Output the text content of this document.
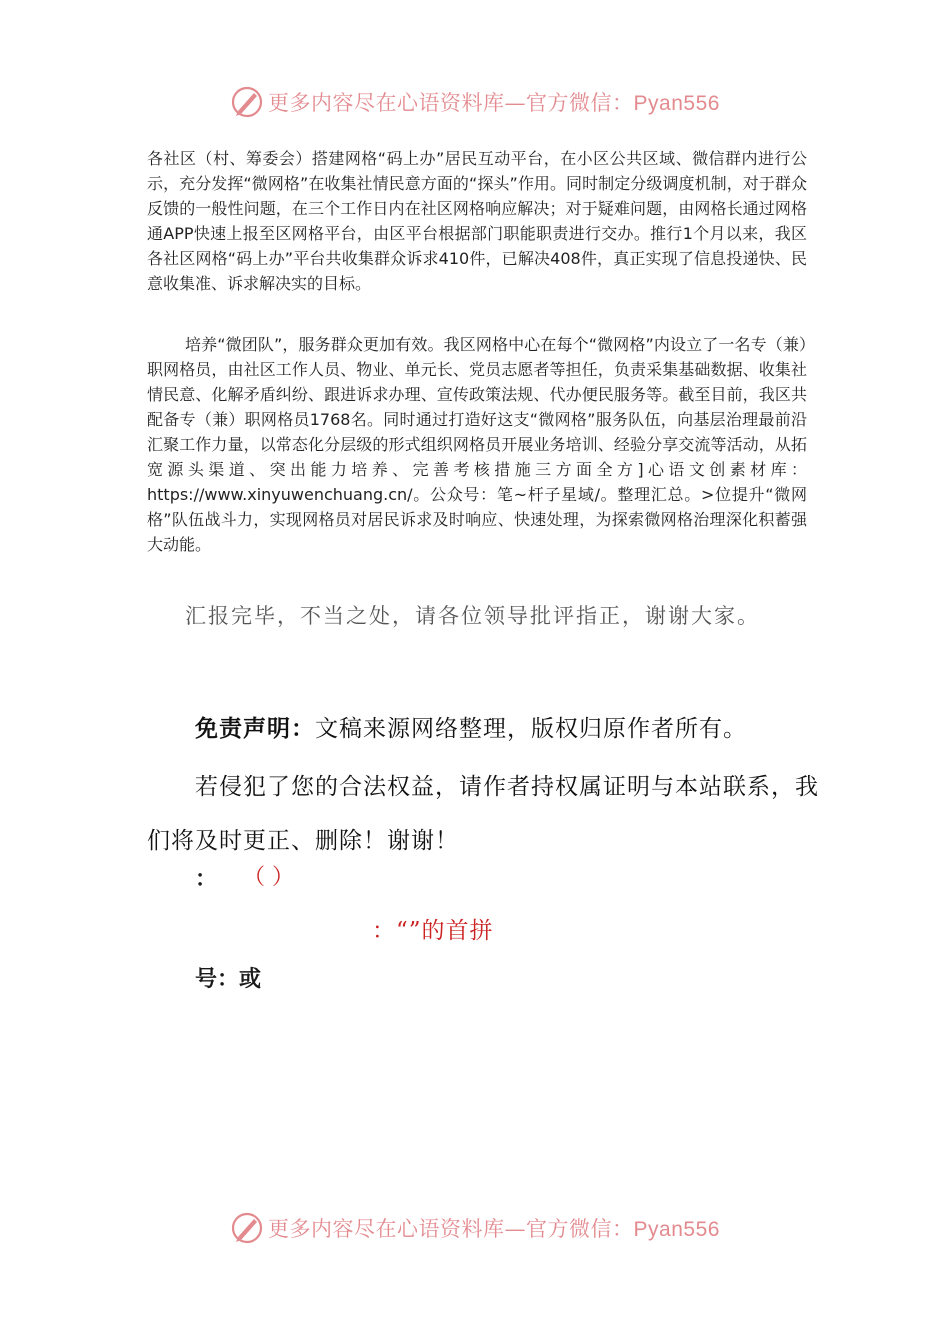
更多内容尽在心语资料库—官方微信：Pyan556

各社区（村、筹委会）搭建网格“码上办”居民互动平台，在小区公共区域、微信群内进行公示，充分发挥“微网格”在收集社情民意方面的“探头”作用。同时制定分级调度机制，对于群众反馈的一般性问题，在三个工作日内在社区网格响应解决；对于疑难问题，由网格长通过网格通APP快速上报至区网格平台，由区平台根据部门职能职责进行交办。推行1个月以来，我区各社区网格“码上办”平台共收集群众诉求410件，已解决408件，真正实现了信息投递快、民意收集准、诉求解决实的目标。

培养“微团队”，服务群众更加有效。我区网格中心在每个“微网格”内设立了一名专（兼）职网格员，由社区工作人员、物业、单元长、党员志愿者等担任，负责采集基础数据、收集社情民意、化解矛盾纠纷、跟进诉求办理、宣传政策法规、代办便民服务等。截至目前，我区共配备专（兼）职网格员1768名。同时通过打造好这支“微网格”服务队伍，向基层治理最前沿汇聚工作力量，以常态化分层级的形式组织网格员开展业务培训、经验分享交流等活动，从拓宽源头渠道、突出能力培养、完善考核措施三方面全方]心语文创素材库：https://www.xinyuwenchuang.cn/。公众号：笔~杆子星域/。整理汇总。>位提升“微网格”队伍战斗力，实现网格员对居民诉求及时响应、快速处理，为探索微网格治理深化积蓄强大动能。

汇报完毕，不当之处，请各位领导批评指正，谢谢大家。

免责声明：文稿来源网络整理，版权归原作者所有。

若侵犯了您的合法权益，请作者持权属证明与本站联系，我们将及时更正、删除！谢谢！

： （ ）
：“”的首拼
号：或
更多内容尽在心语资料库—官方微信：Pyan556
